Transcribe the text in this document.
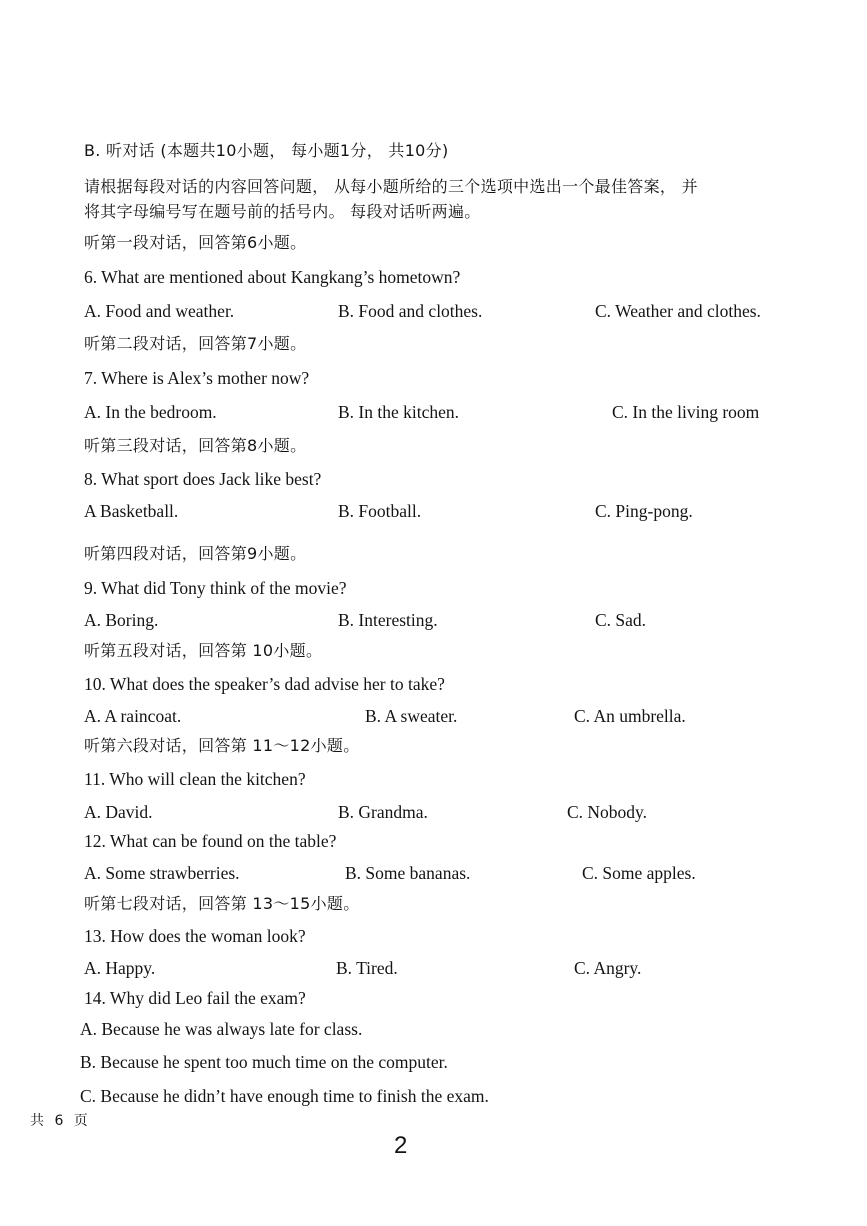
B. 听对话 (本题共10小题， 每小题1分， 共10分)
请根据每段对话的内容回答问题， 从每小题所给的三个选项中选出一个最佳答案， 并
将其字母编号写在题号前的括号内。 每段对话听两遍。
听第一段对话，回答第6小题。
6. What are mentioned about Kangkang’s hometown?
A. Food and weather.	B. Food and clothes.	C. Weather and clothes.
听第二段对话，回答第7小题。
7. Where is Alex’s mother now?
A. In the bedroom.	B. In the kitchen.	C. In the living room
听第三段对话，回答第8小题。
8. What sport does Jack like best?
A Basketball.	B. Football.	C. Ping-pong.
听第四段对话，回答第9小题。
9. What did Tony think of the movie?
A. Boring.	B. Interesting.	C. Sad.
听第五段对话，回答第 10小题。
10. What does the speaker’s dad advise her to take?
A. A raincoat.	B. A sweater.	C. An umbrella.
听第六段对话，回答第 11～12小题。
11. Who will clean the kitchen?
A. David.	B. Grandma.	C. Nobody.
12. What can be found on the table?
A. Some strawberries.	B. Some bananas.	C. Some apples.
听第七段对话，回答第 13～15小题。
13. How does the woman look?
A. Happy.	B. Tired.	C. Angry.
14. Why did Leo fail the exam?
A. Because he was always late for class.
B. Because he spent too much time on the computer.
C. Because he didn’t have enough time to finish the exam.
共 6 页
2
